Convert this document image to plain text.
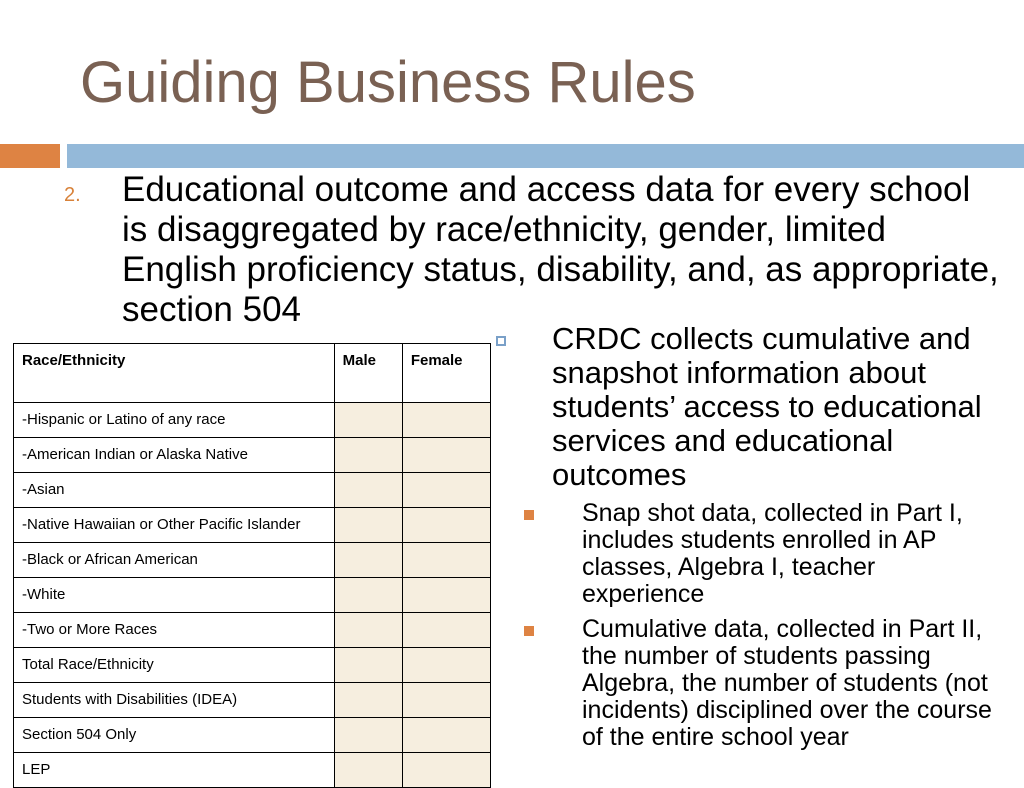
Guiding Business Rules
2. Educational outcome and access data for every school is disaggregated by race/ethnicity, gender, limited English proficiency status, disability, and, as appropriate, section 504
Race/Ethnicity	Male	Female
-Hispanic or Latino of any race		
-American Indian or Alaska Native		
-Asian		
-Native Hawaiian or Other Pacific Islander		
-Black or African American		
-White		
-Two or More Races		
Total Race/Ethnicity		
Students with Disabilities (IDEA)		
Section 504 Only		
LEP		
CRDC collects cumulative and snapshot information about students’ access to educational services and educational outcomes
Snap shot data, collected in Part I, includes students enrolled in AP classes, Algebra I, teacher experience
Cumulative data, collected in Part II, the number of students passing Algebra, the number of students (not incidents) disciplined over the course of the entire school year
